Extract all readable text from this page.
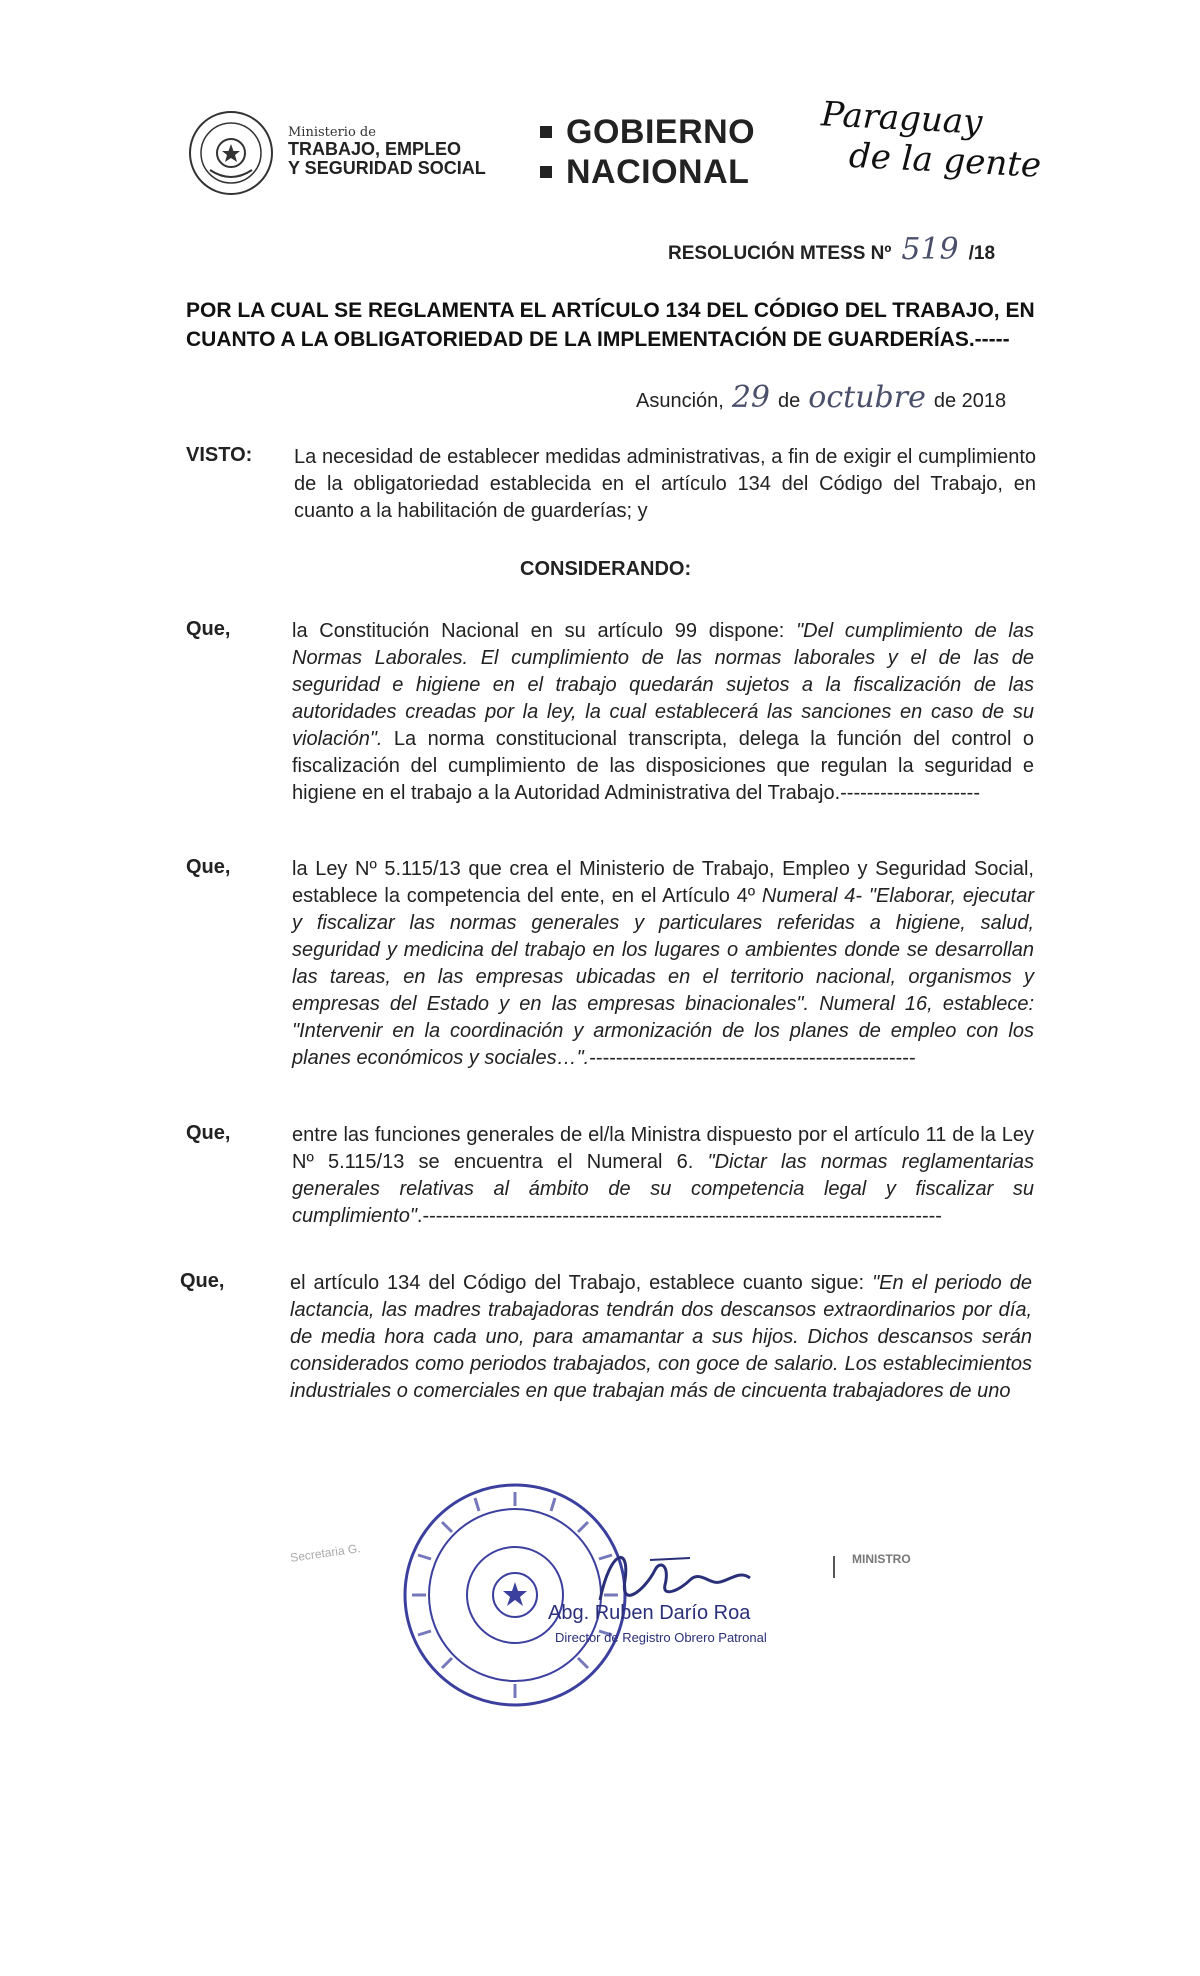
Ministerio de
TRABAJO, EMPLEO
Y SEGURIDAD SOCIAL
GOBIERNO
NACIONAL
Paraguay
de la gente
RESOLUCIÓN MTESS Nº 519 /18
POR LA CUAL SE REGLAMENTA EL ARTÍCULO 134 DEL CÓDIGO DEL TRABAJO, EN CUANTO A LA OBLIGATORIEDAD DE LA IMPLEMENTACIÓN DE GUARDERÍAS.-----
Asunción, 29 de octubre de 2018
VISTO: La necesidad de establecer medidas administrativas, a fin de exigir el cumplimiento de la obligatoriedad establecida en el artículo 134 del Código del Trabajo, en cuanto a la habilitación de guarderías; y
CONSIDERANDO:
Que,	la Constitución Nacional en su artículo 99 dispone: "Del cumplimiento de las Normas Laborales. El cumplimiento de las normas laborales y el de las de seguridad e higiene en el trabajo quedarán sujetos a la fiscalización de las autoridades creadas por la ley, la cual establecerá las sanciones en caso de su violación". La norma constitucional transcripta, delega la función del control o fiscalización del cumplimiento de las disposiciones que regulan la seguridad e higiene en el trabajo a la Autoridad Administrativa del Trabajo.---------------------
Que,	la Ley Nº 5.115/13 que crea el Ministerio de Trabajo, Empleo y Seguridad Social, establece la competencia del ente, en el Artículo 4º Numeral 4- "Elaborar, ejecutar y fiscalizar las normas generales y particulares referidas a higiene, salud, seguridad y medicina del trabajo en los lugares o ambientes donde se desarrollan las tareas, en las empresas ubicadas en el territorio nacional, organismos y empresas del Estado y en las empresas binacionales". Numeral 16, establece: "Intervenir en la coordinación y armonización de los planes de empleo con los planes económicos y sociales…".-------------------------------------------------
Que,	entre las funciones generales de el/la Ministra dispuesto por el artículo 11 de la Ley Nº 5.115/13 se encuentra el Numeral 6. "Dictar las normas reglamentarias generales relativas al ámbito de su competencia legal y fiscalizar su cumplimiento".------------------------------------------------------------------------------
Que,	el artículo 134 del Código del Trabajo, establece cuanto sigue: "En el periodo de lactancia, las madres trabajadoras tendrán dos descansos extraordinarios por día, de media hora cada uno, para amamantar a sus hijos. Dichos descansos serán considerados como periodos trabajados, con goce de salario. Los establecimientos industriales o comerciales en que trabajan más de cincuenta trabajadores de uno
Secretaria G.	MINISTRO
Abg. Ruben Darío Roa
Director de Registro Obrero Patronal
